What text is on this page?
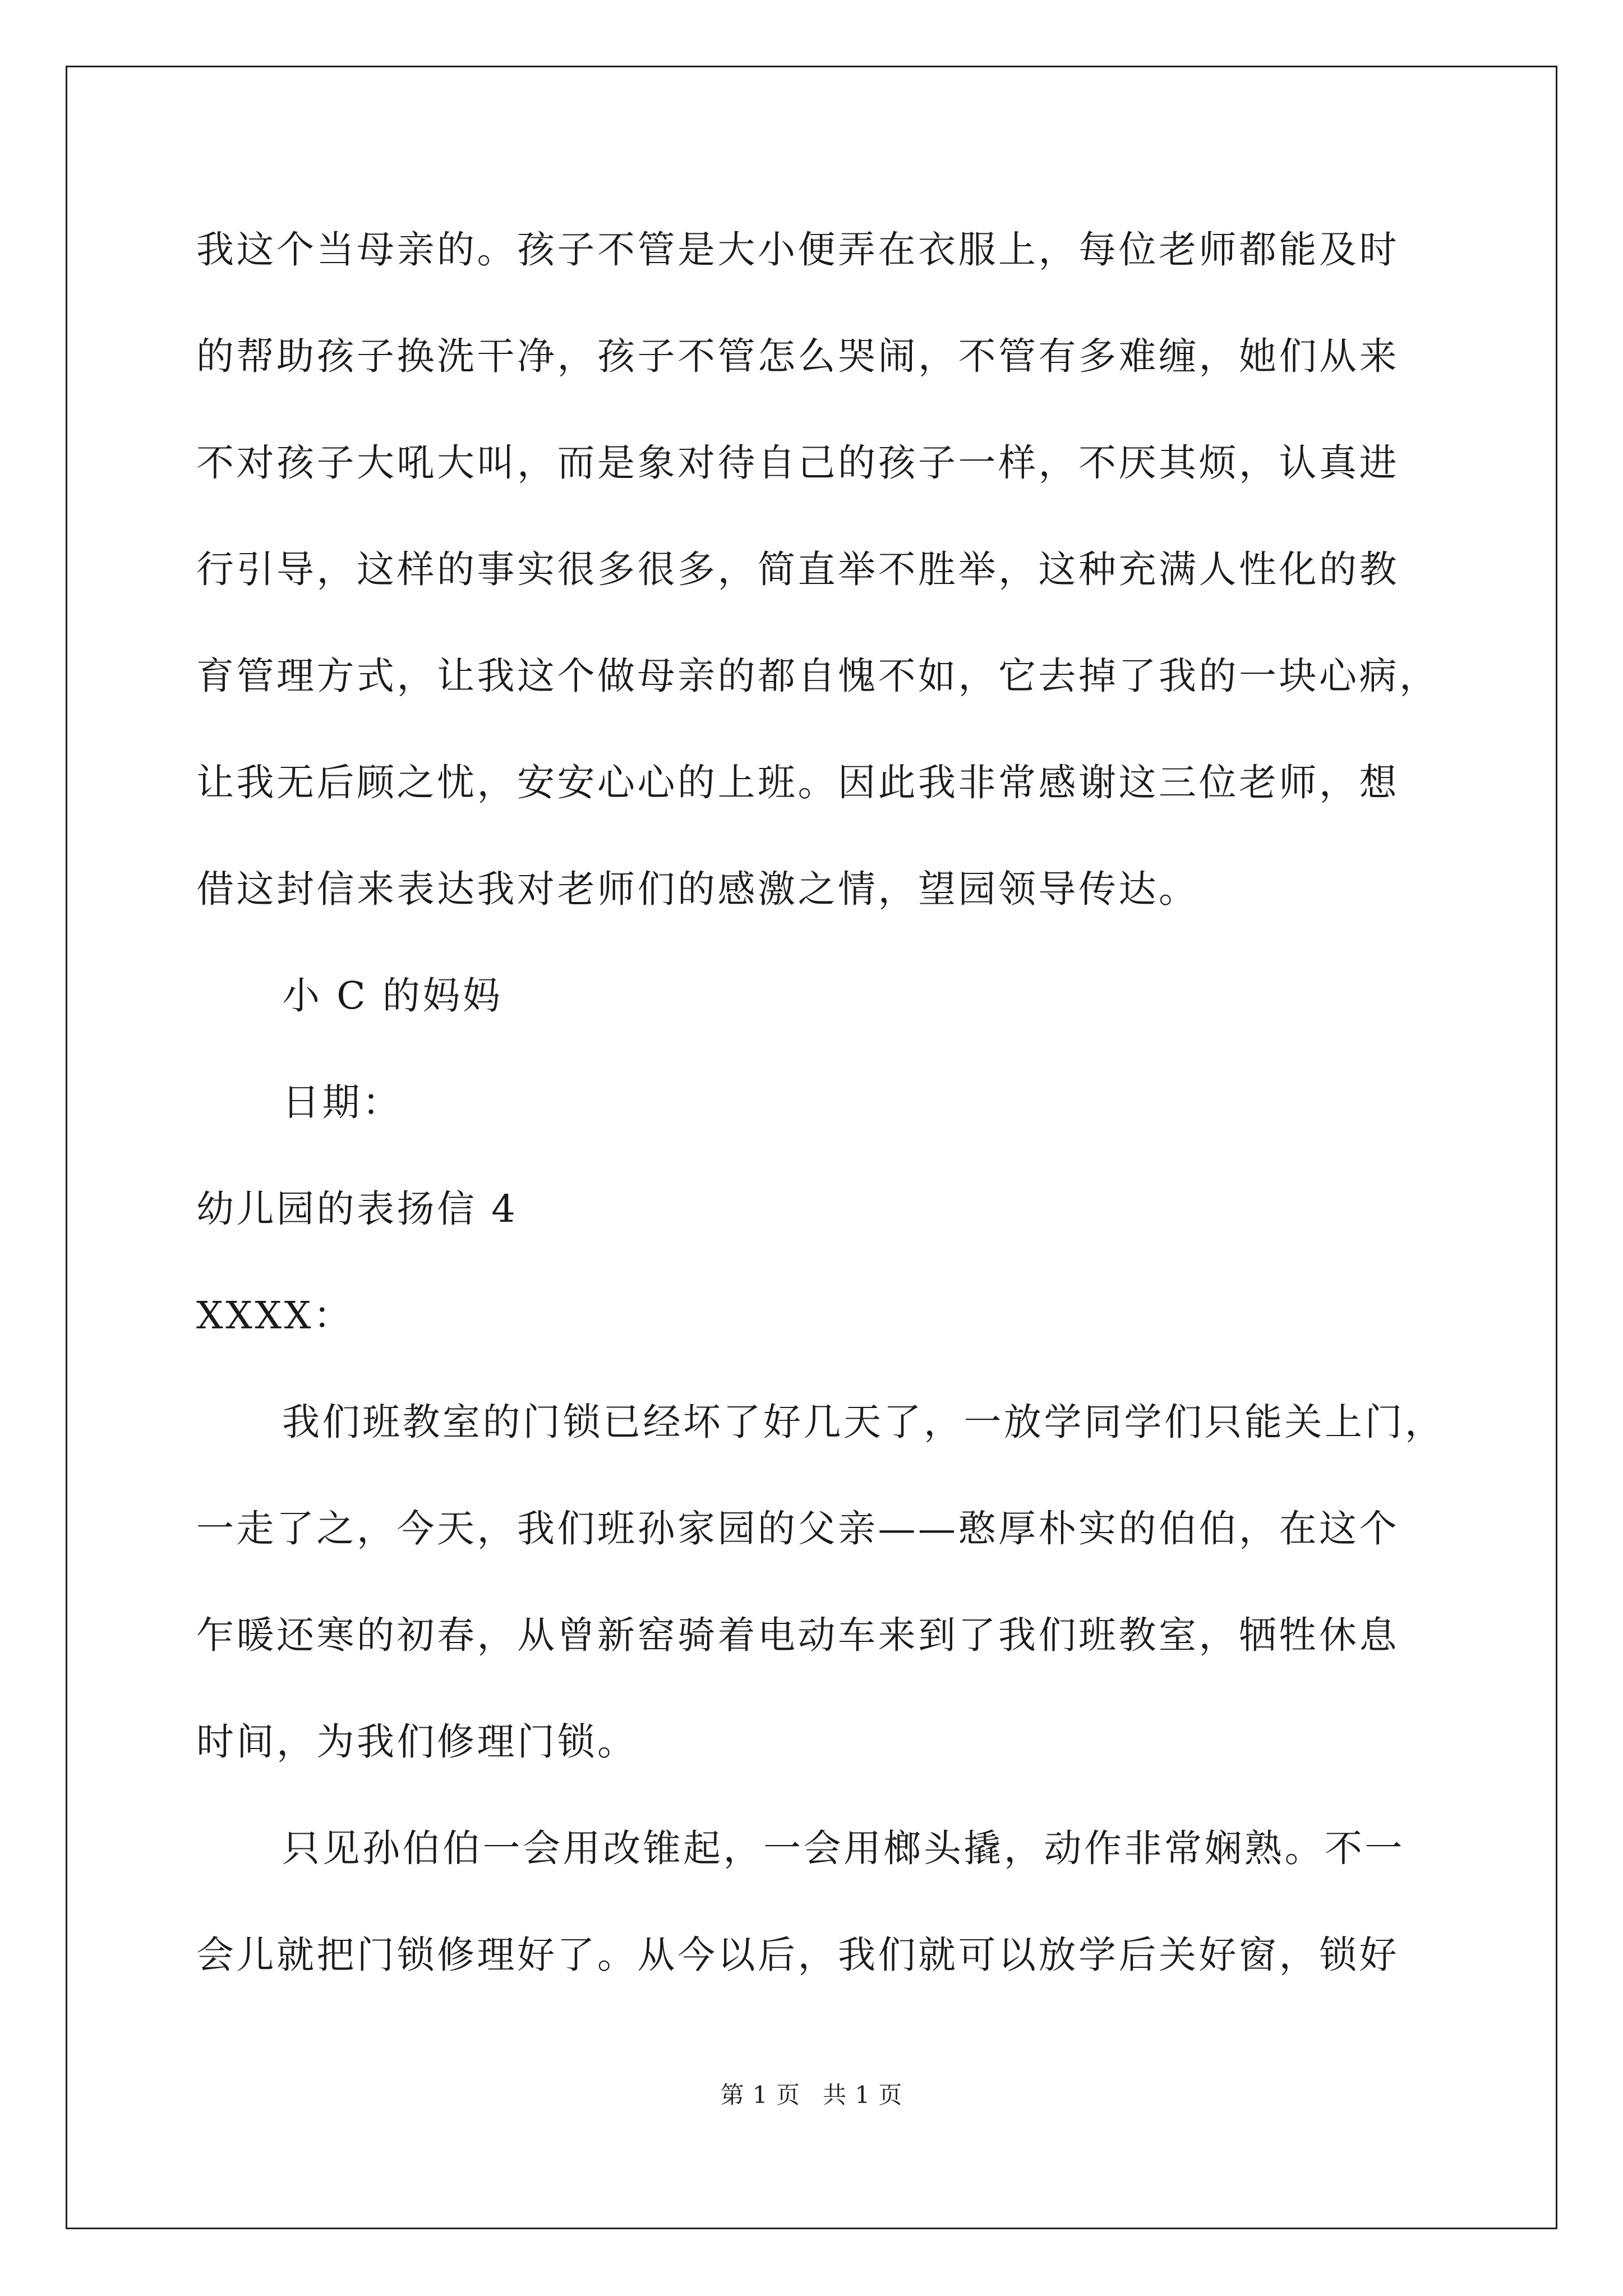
我这个当母亲的。孩子不管是大小便弄在衣服上，每位老师都能及时
的帮助孩子换洗干净，孩子不管怎么哭闹，不管有多难缠，她们从来
不对孩子大吼大叫，而是象对待自己的孩子一样，不厌其烦，认真进
行引导，这样的事实很多很多，简直举不胜举，这种充满人性化的教
育管理方式，让我这个做母亲的都自愧不如，它去掉了我的一块心病，
让我无后顾之忧，安安心心的上班。因此我非常感谢这三位老师，想
借这封信来表达我对老师们的感激之情，望园领导传达。
小 C 的妈妈
日期：
幼儿园的表扬信 4
XXXX：
我们班教室的门锁已经坏了好几天了，一放学同学们只能关上门，
一走了之，今天，我们班孙家园的父亲——憨厚朴实的伯伯，在这个
乍暖还寒的初春，从曾新窑骑着电动车来到了我们班教室，牺牲休息
时间，为我们修理门锁。
只见孙伯伯一会用改锥起，一会用榔头撬，动作非常娴熟。不一
会儿就把门锁修理好了。从今以后，我们就可以放学后关好窗，锁好
第 1 页 共 1 页
